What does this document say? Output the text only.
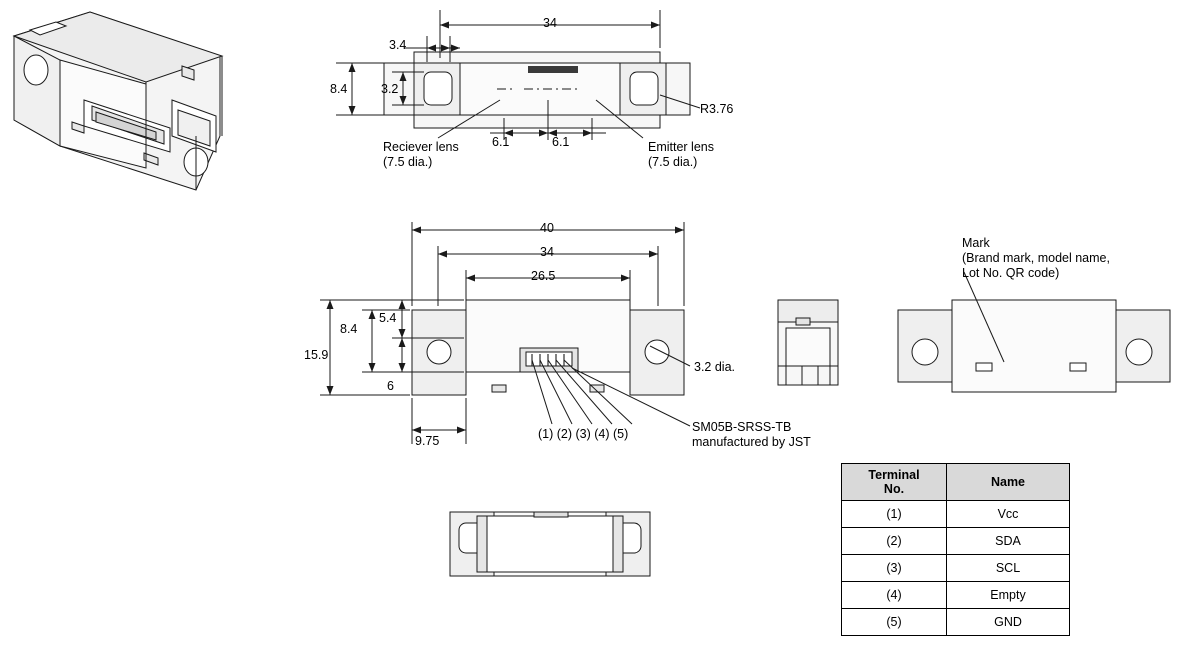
34
3.4
8.4	3.2
6.1	6.1
R3.76
Reciever lens
(7.5 dia.)
Emitter lens
(7.5 dia.)
40
34
26.5
15.9
8.4
5.4
6
9.75
3.2 dia.
(1) (2) (3) (4) (5)	SM05B-SRSS-TB
manufactured by JST
Mark
(Brand mark, model name,
Lot No. QR code)
Terminal
No.	Name
(1)	Vcc
(2)	SDA
(3)	SCL
(4)	Empty
(5)	GND
